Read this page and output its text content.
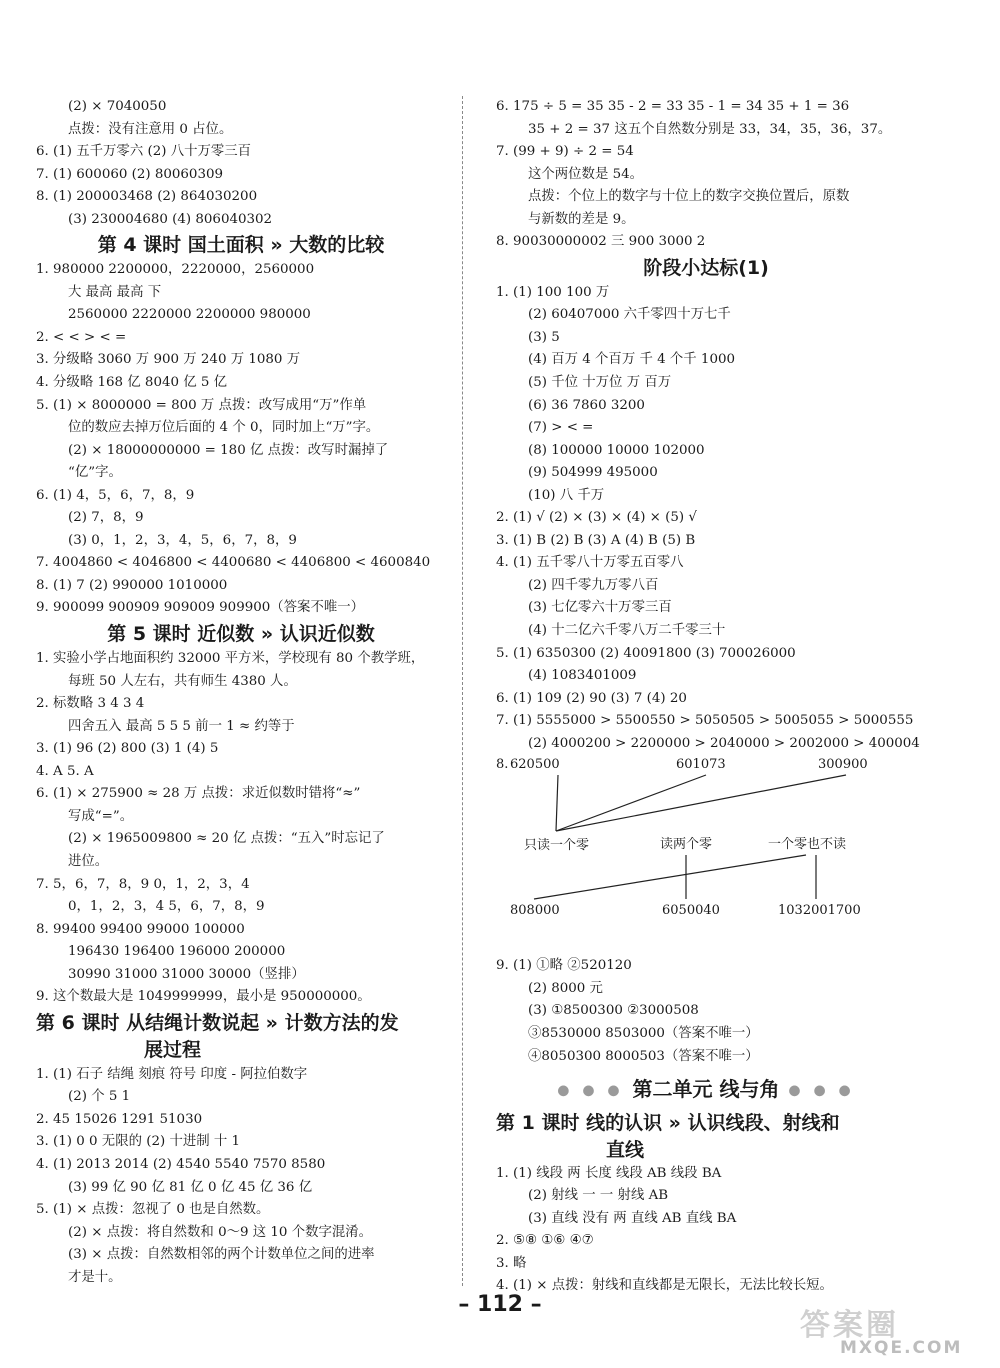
(2) × 7040050
点拨：没有注意用 0 占位。
6. (1) 五千万零六 (2) 八十万零三百
7. (1) 600060 (2) 80060309
8. (1) 200003468 (2) 864030200
(3) 230004680 (4) 806040302
第 4 课时 国土面积 » 大数的比较
1. 980000 2200000，2220000，2560000
大 最高 最高 下
2560000 2220000 2200000 980000
2. < < > < =
3. 分级略 3060 万 900 万 240 万 1080 万
4. 分级略 168 亿 8040 亿 5 亿
5. (1) × 8000000 = 800 万 点拨：改写成用“万”作单
位的数应去掉万位后面的 4 个 0，同时加上“万”字。
(2) × 18000000000 = 180 亿 点拨：改写时漏掉了
“亿”字。
6. (1) 4，5，6，7，8，9
(2) 7，8，9
(3) 0，1，2，3，4，5，6，7，8，9
7. 4004860 < 4046800 < 4400680 < 4406800 < 4600840
8. (1) 7 (2) 990000 1010000
9. 900099 900909 909009 909900（答案不唯一）
第 5 课时 近似数 » 认识近似数
1. 实验小学占地面积约 32000 平方米，学校现有 80 个教学班，
每班 50 人左右，共有师生 4380 人。
2. 标数略 3 4 3 4
四舍五入 最高 5 5 5 前一 1 ≈ 约等于
3. (1) 96 (2) 800 (3) 1 (4) 5
4. A 5. A
6. (1) × 275900 ≈ 28 万 点拨：求近似数时错将“≈”
写成“=”。
(2) × 1965009800 ≈ 20 亿 点拨：“五入”时忘记了
进位。
7. 5，6，7，8，9 0，1，2，3，4
0，1，2，3，4 5，6，7，8，9
8. 99400 99400 99000 100000
196430 196400 196000 200000
30990 31000 31000 30000（竖排）
9. 这个数最大是 1049999999，最小是 950000000。
第 6 课时 从结绳计数说起 » 计数方法的发
展过程
1. (1) 石子 结绳 刻痕 符号 印度 - 阿拉伯数字
(2) 个 5 1
2. 45 15026 1291 51030
3. (1) 0 0 无限的 (2) 十进制 十 1
4. (1) 2013 2014 (2) 4540 5540 7570 8580
(3) 99 亿 90 亿 81 亿 0 亿 45 亿 36 亿
5. (1) × 点拨：忽视了 0 也是自然数。
(2) × 点拨：将自然数和 0～9 这 10 个数字混淆。
(3) × 点拨：自然数相邻的两个计数单位之间的进率
才是十。
6. 175 ÷ 5 = 35 35 - 2 = 33 35 - 1 = 34 35 + 1 = 36
35 + 2 = 37 这五个自然数分别是 33，34，35，36，37。
7. (99 + 9) ÷ 2 = 54
这个两位数是 54。
点拨：个位上的数字与十位上的数字交换位置后，原数
与新数的差是 9。
8. 90030000002 三 900 3000 2
阶段小达标(1)
1. (1) 100 100 万
(2) 60407000 六千零四十万七千
(3) 5
(4) 百万 4 个百万 千 4 个千 1000
(5) 千位 十万位 万 百万
(6) 36 7860 3200
(7) > < =
(8) 100000 10000 102000
(9) 504999 495000
(10) 八 千万
2. (1) √ (2) × (3) × (4) × (5) √
3. (1) B (2) B (3) A (4) B (5) B
4. (1) 五千零八十万零五百零八
(2) 四千零九万零八百
(3) 七亿零六十万零三百
(4) 十二亿六千零八万二千零三十
5. (1) 6350300 (2) 40091800 (3) 700026000
(4) 1083401009
6. (1) 109 (2) 90 (3) 7 (4) 20
7. (1) 5555000 > 5500550 > 5050505 > 5005055 > 5000555
(2) 4000200 > 2200000 > 2040000 > 2002000 > 400004
8. 620500	601073	300900
只读一个零	读两个零	一个零也不读
808000	6050040	1032001700
9. (1) ①略 ②520120
(2) 8000 元
(3) ①8500300 ②3000508
③8530000 8503000（答案不唯一）
④8050300 8000503（答案不唯一）
● ● ● 第二单元 线与角 ● ● ●
第 1 课时 线的认识 » 认识线段、射线和
直线
1. (1) 线段 两 长度 线段 AB 线段 BA
(2) 射线 一 一 射线 AB
(3) 直线 没有 两 直线 AB 直线 BA
2. ⑤⑧ ①⑥ ④⑦
3. 略
4. (1) × 点拨：射线和直线都是无限长，无法比较长短。
– 112 –
答案圈
MXQE.COM
